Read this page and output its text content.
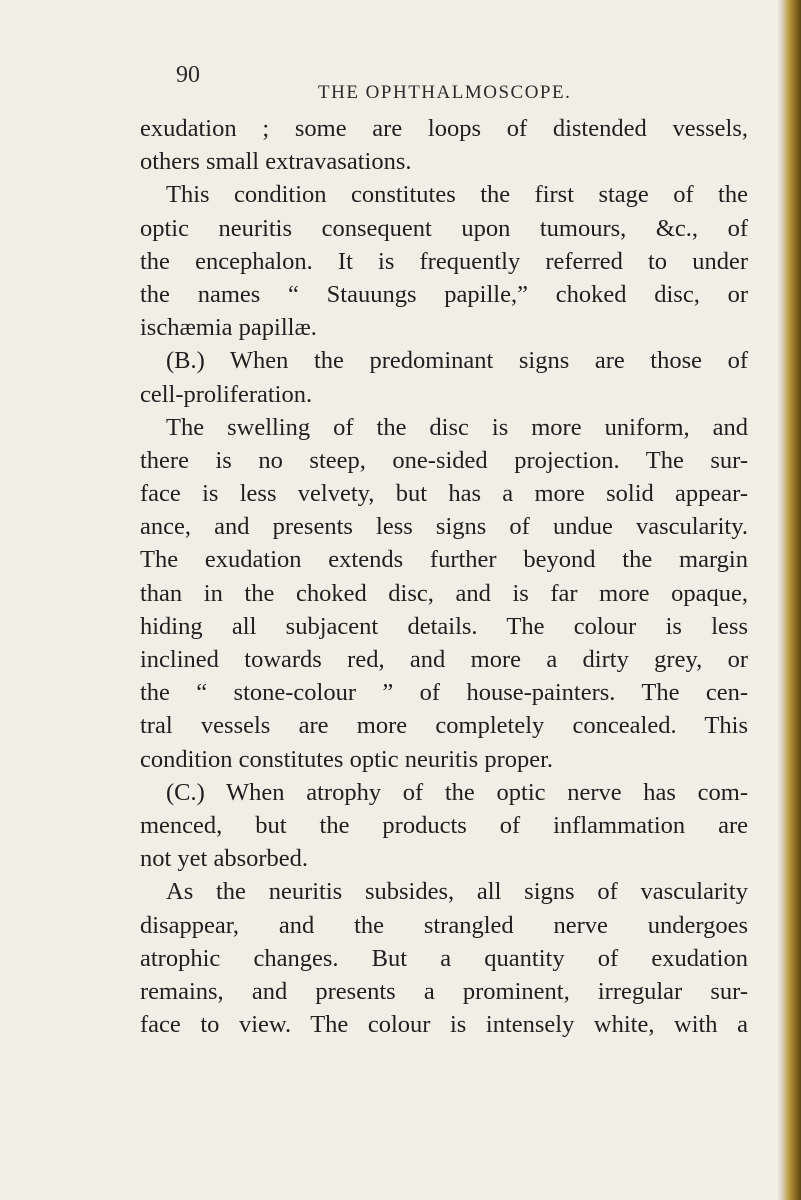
90
THE OPHTHALMOSCOPE.
exudation ; some are loops of distended vessels,
others small extravasations.
This condition constitutes the first stage of the
optic neuritis consequent upon tumours, &c., of
the encephalon. It is frequently referred to under
the names “ Stauungs papille,” choked disc, or
ischæmia papillæ.
(B.) When the predominant signs are those of
cell-proliferation.
The swelling of the disc is more uniform, and
there is no steep, one-sided projection. The sur-
face is less velvety, but has a more solid appear-
ance, and presents less signs of undue vascularity.
The exudation extends further beyond the margin
than in the choked disc, and is far more opaque,
hiding all subjacent details. The colour is less
inclined towards red, and more a dirty grey, or
the “ stone-colour ” of house-painters. The cen-
tral vessels are more completely concealed. This
condition constitutes optic neuritis proper.
(C.) When atrophy of the optic nerve has com-
menced, but the products of inflammation are
not yet absorbed.
As the neuritis subsides, all signs of vascularity
disappear, and the strangled nerve undergoes
atrophic changes. But a quantity of exudation
remains, and presents a prominent, irregular sur-
face to view. The colour is intensely white, with a
